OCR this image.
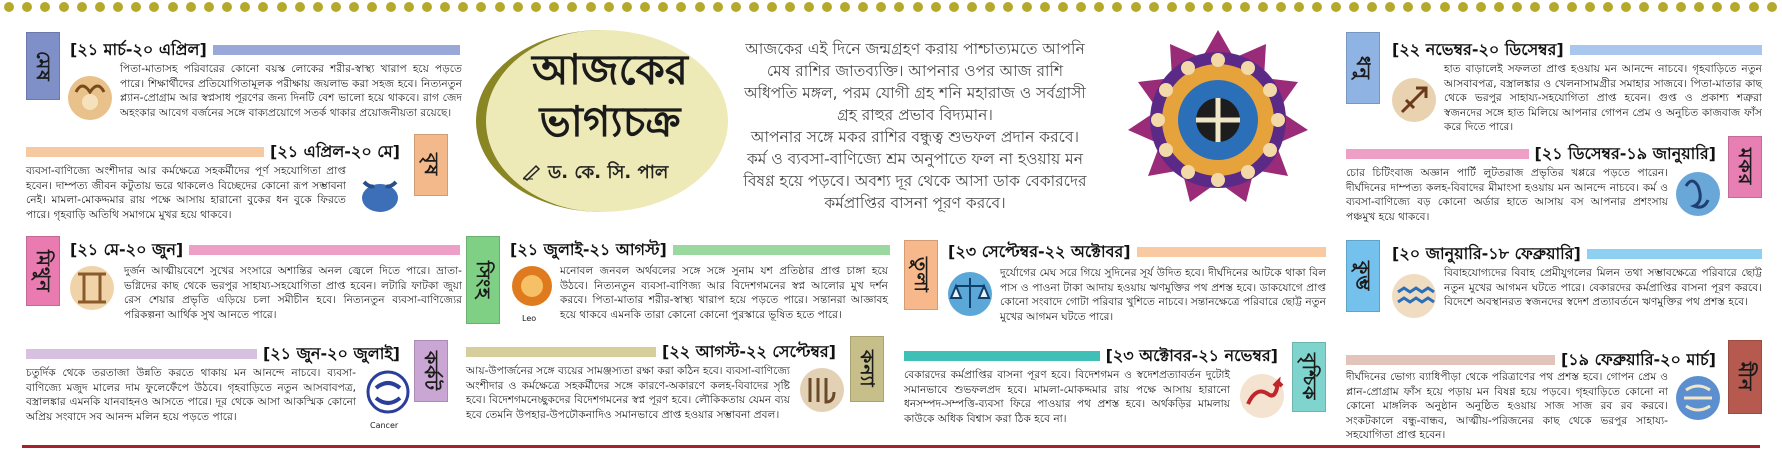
মেষ
[২১ মার্চ-২০ এপ্রিল]
পিতা-মাতাসহ পরিবারের কোনো বয়স্ক লোকের শরীর-স্বাস্থ্য খারাপ হয়ে পড়তে পারে। শিক্ষার্থীদের প্রতিযোগিতামূলক পরীক্ষায় জয়লাভ করা সহজ হবে। নিত্যনতুন প্ল্যান-প্রোগ্রাম আর স্বপ্নসাধ পূরণের জন্য দিনটি বেশ ভালো হয়ে থাকবে। রাগ জেদ অহংকার আবেগ বর্জনের সঙ্গে বাক্যপ্রয়োগে সতর্ক থাকার প্রয়োজনীয়তা রয়েছে।
[২১ এপ্রিল-২০ মে]
বৃষ
ব্যবসা-বাণিজ্যে অংশীদার আর কর্মক্ষেত্রে সহকর্মীদের পূর্ণ সহযোগিতা প্রাপ্ত হবেন। দাম্পত্য জীবন কটুতায় ভরে থাকলেও বিচ্ছেদের কোনো রূপ সম্ভাবনা নেই। মামলা-মোকদ্দমার রায় পক্ষে আসায় হারানো বুকের ধন বুকে ফিরতে পারে। গৃহবাড়ি অতিথি সমাগমে মুখর হয়ে থাকবে।
মিথুন
[২১ মে-২০ জুন]
দুর্জন আত্মীয়বেশে সুখের সংসারে অশান্তির অনল জ্বেলে দিতে পারে। ভ্রাতা-ভগ্নিদের কাছ থেকে ভরপুর সাহায্য-সহযোগিতা প্রাপ্ত হবেন। লটারি ফাটকা জুয়া রেস শেয়ার প্রভৃতি এড়িয়ে চলা সমীচীন হবে। নিত্যনতুন ব্যবসা-বাণিজ্যের পরিকল্পনা আর্থিক সুখ আনতে পারে।
[২১ জুন-২০ জুলাই]	কর্কট
চতুর্দিক থেকে তরতাজা উন্নতি করতে থাকায় মন আনন্দে নাচবে। ব্যবসা-বাণিজ্যে মজুদ মালের দাম ফুলেফেঁপে উঠবে। গৃহবাড়িতে নতুন আসবাবপত্র, বস্ত্রালঙ্কার এমনকি যানবাহনও আসতে পারে। দূর থেকে আসা আকস্মিক কোনো অপ্রিয় সংবাদে সব আনন্দ মলিন হয়ে পড়তে পারে।
Cancer
আজকের
ভাগ্যচক্র
ড. কে. সি. পাল
আজকের এই দিনে জন্মগ্রহণ করায় পাশ্চাত্যমতে আপনি মেষ রাশির জাতব্যক্তি। আপনার ওপর আজ রাশি অধিপতি মঙ্গল, পরম যোগী গ্রহ শনি মহারাজ ও সর্বগ্রাসী গ্রহ রাহুর প্রভাব বিদ্যমান।
আপনার সঙ্গে মকর রাশির বন্ধুত্ব শুভফল প্রদান করবে। কর্ম ও ব্যবসা-বাণিজ্যে শ্রম অনুপাতে ফল না হওয়ায় মন বিষণ্ণ হয়ে পড়বে। অবশ্য দূর থেকে আসা ডাক বেকারদের কর্মপ্রাপ্তির বাসনা পূরণ করবে।
সিংহ
[২১ জুলাই-২১ আগস্ট]
Leo
মনোবল জনবল অর্থবলের সঙ্গে সঙ্গে সুনাম যশ প্রতিষ্ঠার প্রাপ্ত চাঙ্গা হয়ে উঠবে। নিত্যনতুন ব্যবসা-বাণিজ্য আর বিদেশগমনের স্বপ্ন আলোর মুখ দর্শন করবে। পিতা-মাতার শরীর-স্বাস্থ্য খারাপ হয়ে পড়তে পারে। সন্তানরা আজ্ঞাবহ হয়ে থাকবে এমনকি তারা কোনো কোনো পুরস্কারে ভূষিত হতে পারে।
[২২ আগস্ট-২২ সেপ্টেম্বর]	কন্যা
আয়-উপার্জনের সঙ্গে ব্যয়ের সামঞ্জস্যতা রক্ষা করা কঠিন হবে। ব্যবসা-বাণিজ্যে অংশীদার ও কর্মক্ষেত্রে সহকর্মীদের সঙ্গে কারণে-অকারণে কলহ-বিবাদের সৃষ্টি হবে। বিদেশগমনেচ্ছুকদের বিদেশগমনের স্বপ্ন পূরণ হবে। লৌকিকতায় যেমন ব্যয় হবে তেমনি উপহার-উপঢৌকনাদিও সমানভাবে প্রাপ্ত হওয়ার সম্ভাবনা প্রবল।
তুলা
[২৩ সেপ্টেম্বর-২২ অক্টোবর]
দুর্যোগের মেঘ সরে গিয়ে সুদিনের সূর্য উদিত হবে। দীর্ঘদিনের আটকে থাকা বিল পাস ও পাওনা টাকা আদায় হওয়ায় ঋণমুক্তির পথ প্রশস্ত হবে। ডাকযোগে প্রাপ্ত কোনো সংবাদে গোটা পরিবার খুশিতে নাচবে। সন্তানক্ষেত্রে পরিবারে ছোট্ট নতুন মুখের আগমন ঘটতে পারে।
[২৩ অক্টোবর-২১ নভেম্বর]	বৃশ্চিক
বেকারদের কর্মপ্রাপ্তির বাসনা পূরণ হবে। বিদেশগমন ও স্বদেশপ্রত্যাবর্তন দুটোই সমানভাবে শুভফলপ্রদ হবে। মামলা-মোকদ্দমার রায় পক্ষে আসায় হারানো ধনসম্পদ-সম্পত্তি-ব্যবসা ফিরে পাওয়ার পথ প্রশস্ত হবে। অর্থকড়ির মামলায় কাউকে অধিক বিশ্বাস করা ঠিক হবে না।
ধনু
[২২ নভেম্বর-২০ ডিসেম্বর]
হাত বাড়ালেই সফলতা প্রাপ্ত হওয়ায় মন আনন্দে নাচবে। গৃহবাড়িতে নতুন আসবাবপত্র, বস্ত্রালঙ্কার ও খেলনাসামগ্রীর সমাহার সাজবে। পিতা-মাতার কাছ থেকে ভরপুর সাহায্য-সহযোগিতা প্রাপ্ত হবেন। গুপ্ত ও প্রকাশ্য শত্রুরা স্বজনদের সঙ্গে হাত মিলিয়ে আপনার গোপন প্রেম ও অনুচিত কাজবাজ ফাঁস করে দিতে পারে।
[২১ ডিসেম্বর-১৯ জানুয়ারি] মকর
চোর চিটিংবাজ অজ্ঞান পার্টি লুটতরাজ প্রভৃতির খপ্পরে পড়তে পারেন। দীর্ঘদিনের দাম্পত্য কলহ-বিবাদের মীমাংসা হওয়ায় মন আনন্দে নাচবে। কর্ম ও ব্যবসা-বাণিজ্যে বড় কোনো অর্ডার হাতে আসায় বস আপনার প্রশংসায় পঞ্চমুখ হয়ে থাকবে।
কুম্ভ
[২০ জানুয়ারি-১৮ ফেব্রুয়ারি]
বিবাহযোগ্যদের বিবাহ প্রেমীযুগলের মিলন তথা সম্ভাবক্ষেত্রে পরিবারে ছোট্ট নতুন মুখের আগমন ঘটতে পারে। বেকারদের কর্মপ্রাপ্তির বাসনা পূরণ করবে। বিদেশে অবস্থানরত স্বজনদের স্বদেশ প্রত্যাবর্তনে ঋণমুক্তির পথ প্রশস্ত হবে।
[১৯ ফেব্রুয়ারি-২০ মার্চ]
মীন
দীর্ঘদিনের ভোগ্য ব্যাধিপীড়া থেকে পরিত্রাণের পথ প্রশস্ত হবে। গোপন প্রেম ও প্লান-প্রোগ্রাম ফাঁস হয়ে পড়ায় মন বিষণ্ণ হয়ে পড়বে। গৃহবাড়িতে কোনো না কোনো মাঙ্গলিক অনুষ্ঠান অনুষ্ঠিত হওয়ায় সাজ সাজ রব রব করবে। সংকটকালে বন্ধু-বান্ধব, আত্মীয়-পরিজনের কাছ থেকে ভরপুর সাহায্য-সহযোগিতা প্রাপ্ত হবেন।
